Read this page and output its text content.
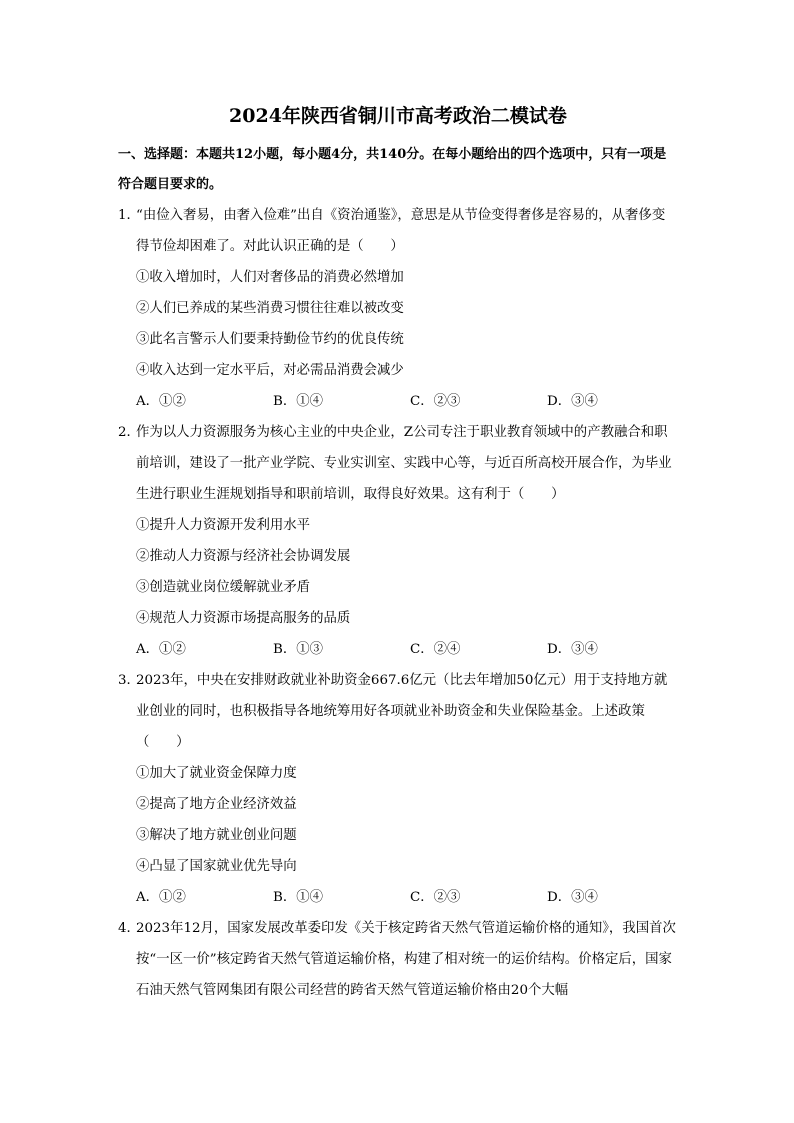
2024年陕西省铜川市高考政治二模试卷

一、选择题：本题共12小题，每小题4分，共140分。在每小题给出的四个选项中，只有一项是符合题目要求的。

1．“由俭入奢易，由奢入俭难”出自《资治通鉴》，意思是从节俭变得奢侈是容易的，从奢侈变得节俭却困难了。对此认识正确的是（　　）

①收入增加时，人们对奢侈品的消费必然增加

②人们已养成的某些消费习惯往往难以被改变

③此名言警示人们要秉持勤俭节约的优良传统

④收入达到一定水平后，对必需品消费会减少

A．①②	B．①④	C．②③	D．③④

2．作为以人力资源服务为核心主业的中央企业，Z公司专注于职业教育领域中的产教融合和职前培训，建设了一批产业学院、专业实训室、实践中心等，与近百所高校开展合作，为毕业生进行职业生涯规划指导和职前培训，取得良好效果。这有利于（　　）

①提升人力资源开发利用水平

②推动人力资源与经济社会协调发展

③创造就业岗位缓解就业矛盾

④规范人力资源市场提高服务的品质

A．①②	B．①③	C．②④	D．③④

3．2023年，中央在安排财政就业补助资金667.6亿元（比去年增加50亿元）用于支持地方就业创业的同时，也积极指导各地统筹用好各项就业补助资金和失业保险基金。上述政策（　　）

①加大了就业资金保障力度

②提高了地方企业经济效益

③解决了地方就业创业问题

④凸显了国家就业优先导向

A．①②	B．①④	C．②③	D．③④

4．2023年12月，国家发展改革委印发《关于核定跨省天然气管道运输价格的通知》，我国首次按“一区一价”核定跨省天然气管道运输价格，构建了相对统一的运价结构。价格定后，国家石油天然气管网集团有限公司经营的跨省天然气管道运输价格由20个大幅
